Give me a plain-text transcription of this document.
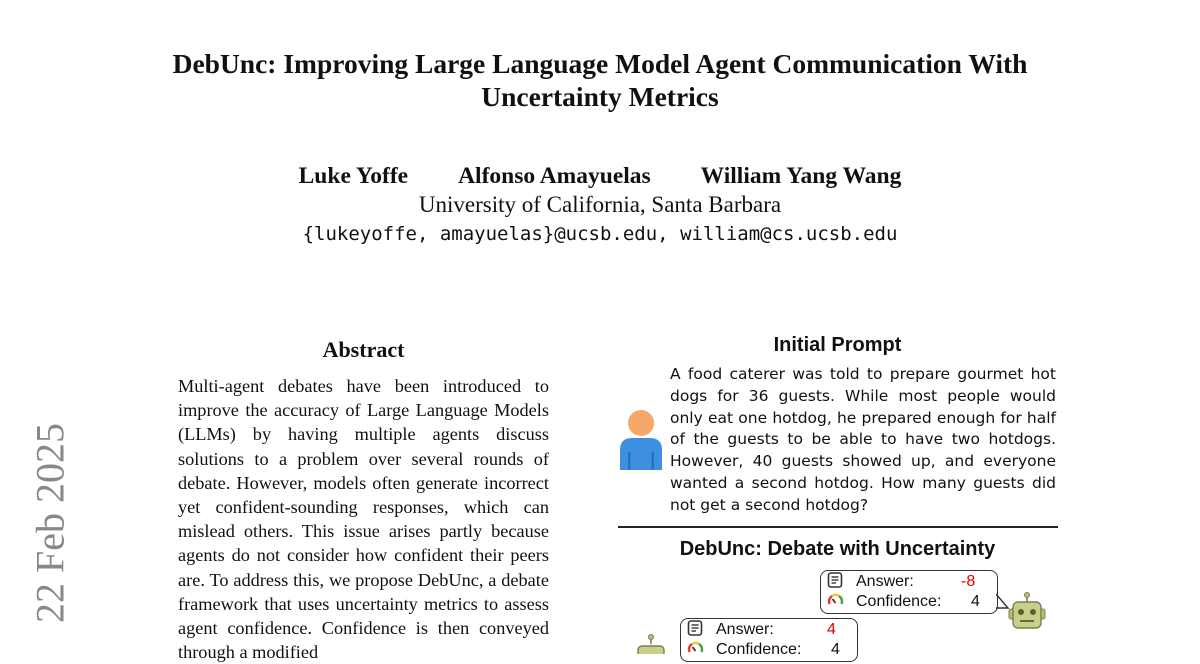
DebUnc: Improving Large Language Model Agent Communication With
Uncertainty Metrics
Luke Yoffe Alfonso Amayuelas William Yang Wang
University of California, Santa Barbara
{lukeyoffe, amayuelas}@ucsb.edu, william@cs.ucsb.edu
22 Feb 2025
Abstract
Multi-agent debates have been introduced to improve the accuracy of Large Language Models (LLMs) by having multiple agents discuss solutions to a problem over several rounds of debate. However, models often generate incorrect yet confident-sounding responses, which can mislead others. This issue arises partly because agents do not consider how confident their peers are. To address this, we propose DebUnc, a debate framework that uses uncertainty metrics to assess agent confidence. Confidence is then conveyed through a modified
Initial Prompt
A food caterer was told to prepare gourmet hot dogs for 36 guests. While most people would only eat one hotdog, he prepared enough for half of the guests to be able to have two hotdogs. However, 40 guests showed up, and everyone wanted a second hotdog. How many guests did not get a second hotdog?
DebUnc: Debate with Uncertainty
Answer:	-8
Confidence: 4
Answer:	4
Confidence: 4
